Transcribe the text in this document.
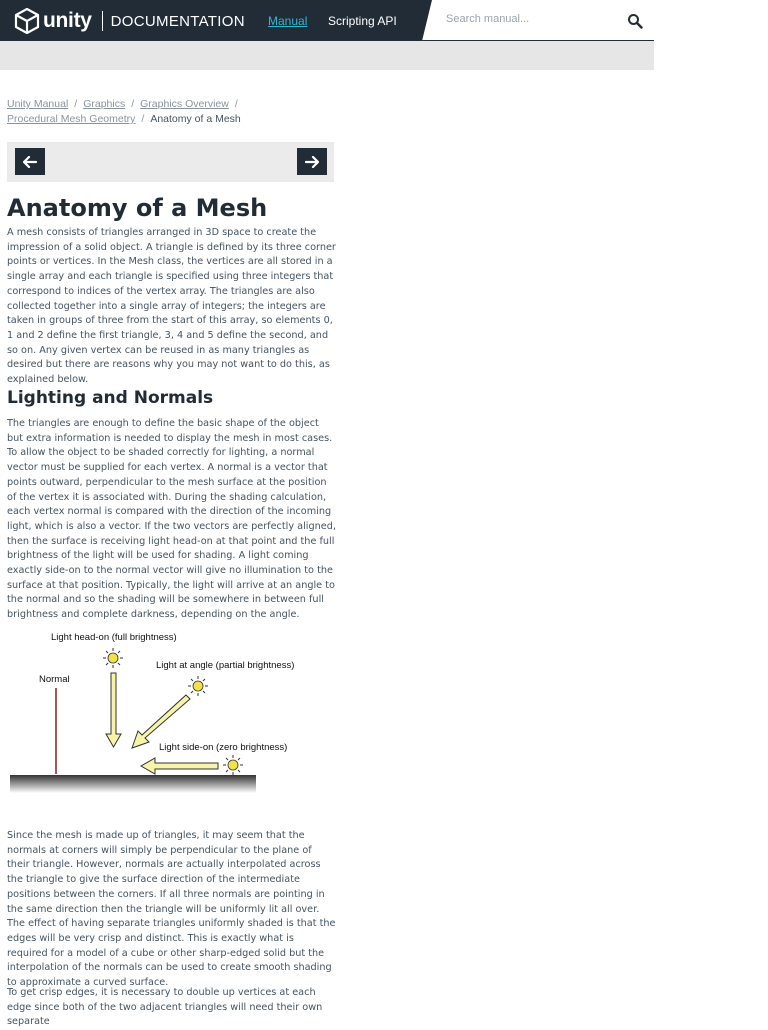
unity DOCUMENTATION Manual Scripting API	Search manual...
Unity Manual / Graphics / Graphics Overview /
Procedural Mesh Geometry / Anatomy of a Mesh
Anatomy of a Mesh

A mesh consists of triangles arranged in 3D space to create the impression of a solid object. A triangle is defined by its three corner points or vertices. In the Mesh class, the vertices are all stored in a single array and each triangle is specified using three integers that correspond to indices of the vertex array. The triangles are also collected together into a single array of integers; the integers are taken in groups of three from the start of this array, so elements 0, 1 and 2 define the first triangle, 3, 4 and 5 define the second, and so on. Any given vertex can be reused in as many triangles as desired but there are reasons why you may not want to do this, as explained below.

Lighting and Normals

The triangles are enough to define the basic shape of the object but extra information is needed to display the mesh in most cases. To allow the object to be shaded correctly for lighting, a normal vector must be supplied for each vertex. A normal is a vector that points outward, perpendicular to the mesh surface at the position of the vertex it is associated with. During the shading calculation, each vertex normal is compared with the direction of the incoming light, which is also a vector. If the two vectors are perfectly aligned, then the surface is receiving light head-on at that point and the full brightness of the light will be used for shading. A light coming exactly side-on to the normal vector will give no illumination to the surface at that position. Typically, the light will arrive at an angle to the normal and so the shading will be somewhere in between full brightness and complete darkness, depending on the angle.

Light head-on (full brightness)
Light at angle (partial brightness)
Normal
Light side-on (zero brightness)

Since the mesh is made up of triangles, it may seem that the normals at corners will simply be perpendicular to the plane of their triangle. However, normals are actually interpolated across the triangle to give the surface direction of the intermediate positions between the corners. If all three normals are pointing in the same direction then the triangle will be uniformly lit all over. The effect of having separate triangles uniformly shaded is that the edges will be very crisp and distinct. This is exactly what is required for a model of a cube or other sharp-edged solid but the interpolation of the normals can be used to create smooth shading to approximate a curved surface.

To get crisp edges, it is necessary to double up vertices at each edge since both of the two adjacent triangles will need their own separate
